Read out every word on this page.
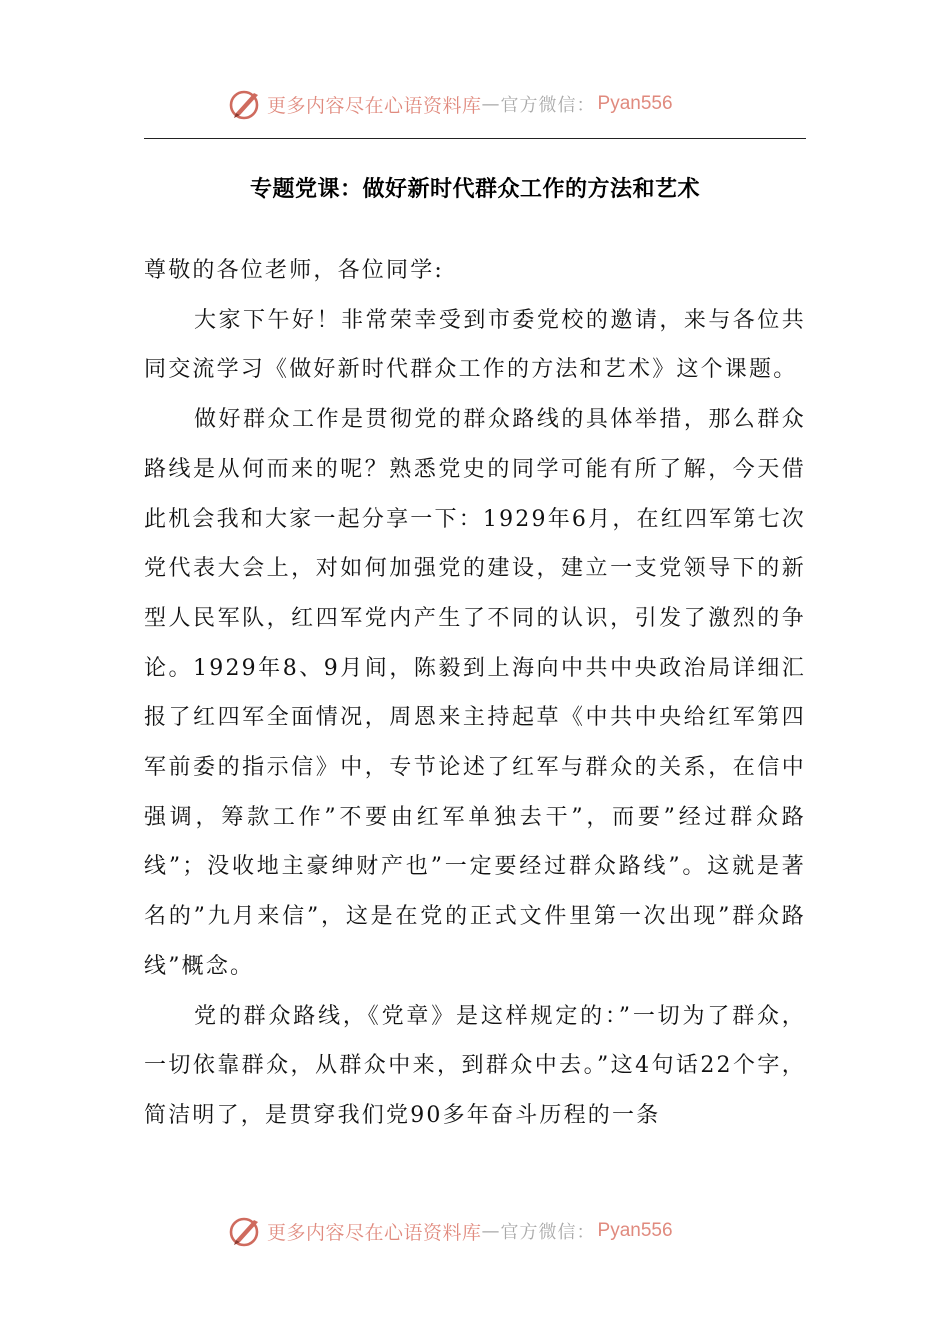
更多内容尽在心语资料库 — 官方微信： Pyan556
专题党课：做好新时代群众工作的方法和艺术

尊敬的各位老师，各位同学:

大家下午好！非常荣幸受到市委党校的邀请，来与各位共同交流学习《做好新时代群众工作的方法和艺术》这个课题。

做好群众工作是贯彻党的群众路线的具体举措，那么群众路线是从何而来的呢？熟悉党史的同学可能有所了解，今天借此机会我和大家一起分享一下：1929年6月，在红四军第七次党代表大会上，对如何加强党的建设，建立一支党领导下的新型人民军队，红四军党内产生了不同的认识，引发了激烈的争论。1929年8、9月间，陈毅到上海向中共中央政治局详细汇报了红四军全面情况，周恩来主持起草《中共中央给红军第四军前委的指示信》中，专节论述了红军与群众的关系，在信中强调，筹款工作”不要由红军单独去干”，而要”经过群众路线”；没收地主豪绅财产也”一定要经过群众路线”。这就是著名的”九月来信”，这是在党的正式文件里第一次出现”群众路线”概念。

党的群众路线，《党章》是这样规定的：”一切为了群众，一切依靠群众，从群众中来，到群众中去。”这4句话22个字，简洁明了，是贯穿我们党90多年奋斗历程的一条

更多内容尽在心语资料库 — 官方微信： Pyan556
